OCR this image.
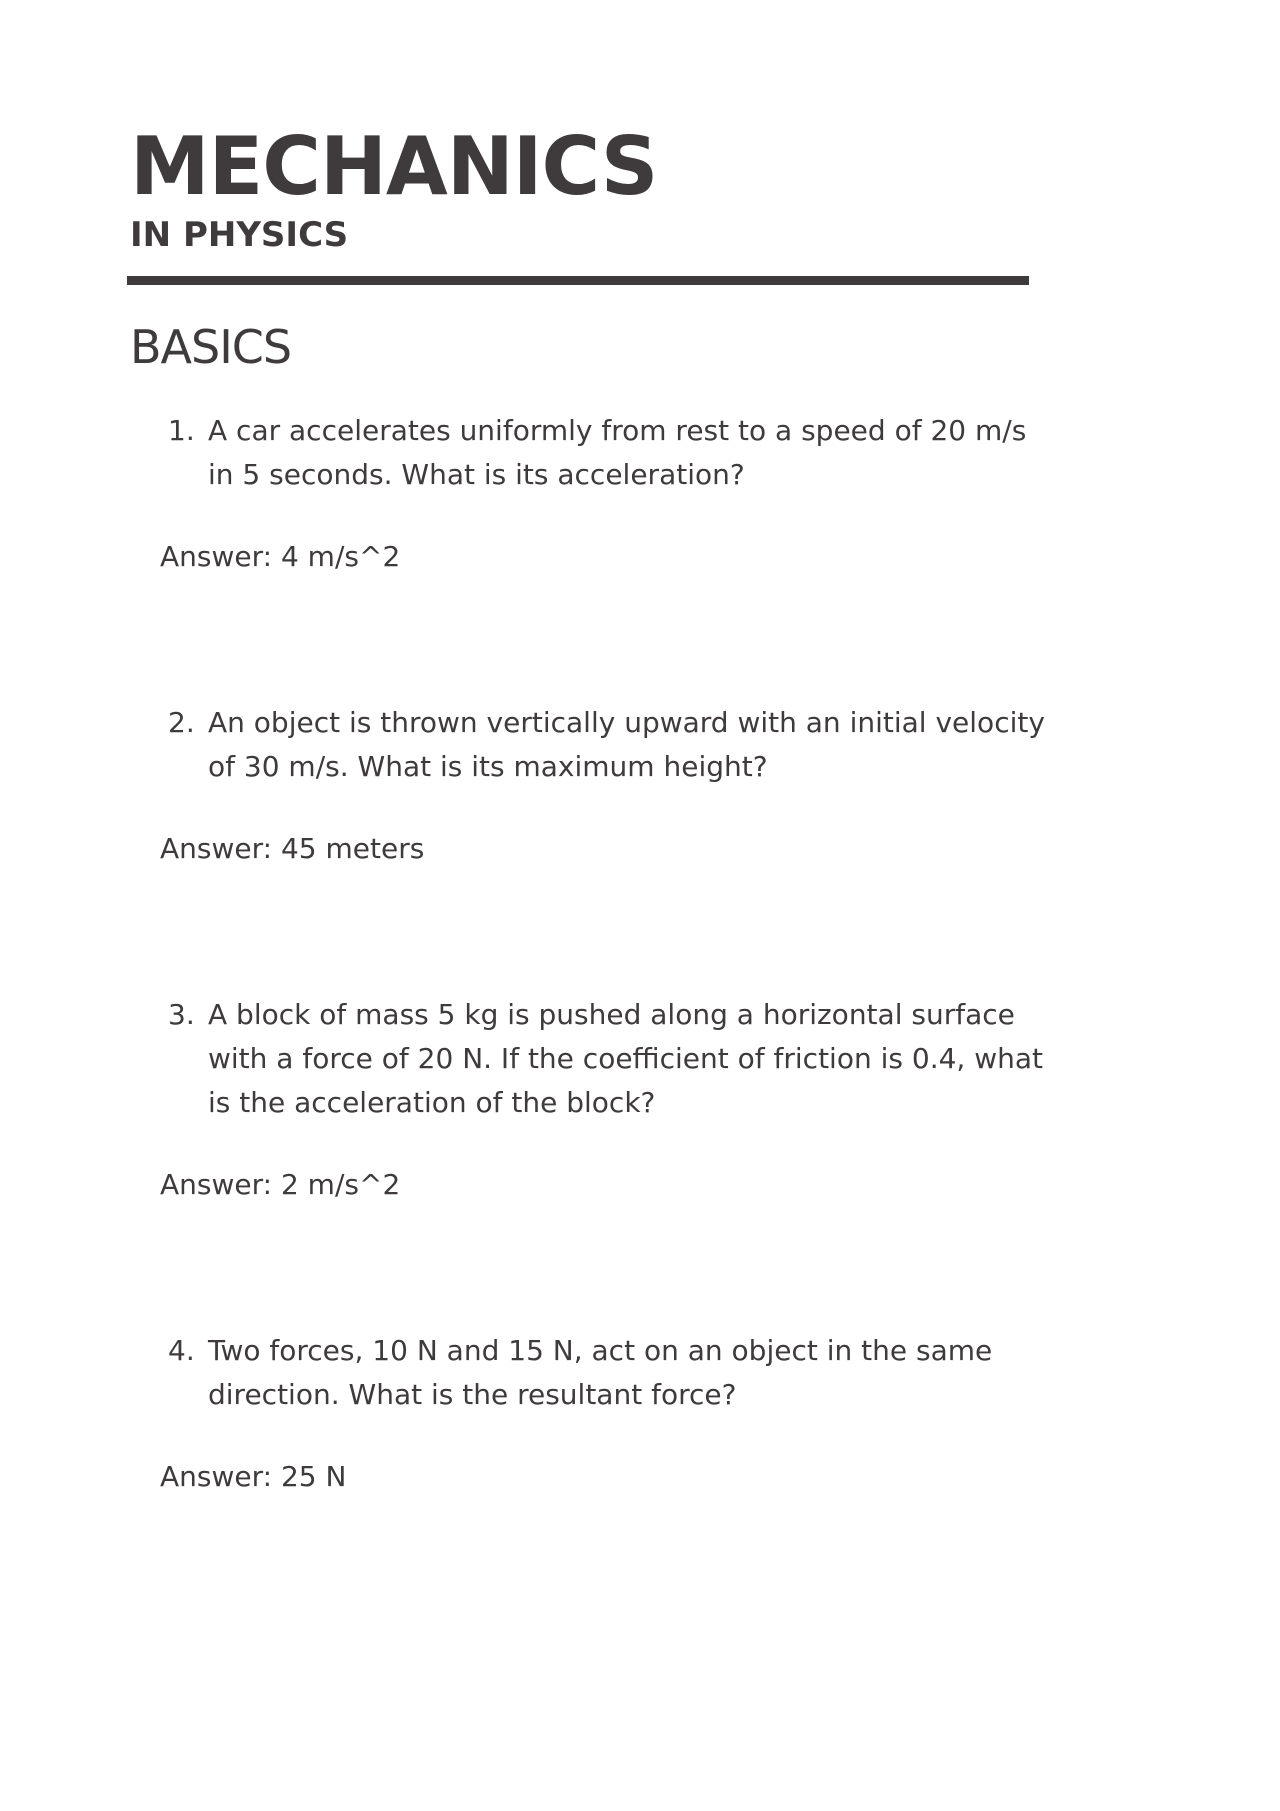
MECHANICS
IN PHYSICS
BASICS
1. A car accelerates uniformly from rest to a speed of 20 m/s in 5 seconds. What is its acceleration?
Answer: 4 m/s^2
2. An object is thrown vertically upward with an initial velocity of 30 m/s. What is its maximum height?
Answer: 45 meters
3. A block of mass 5 kg is pushed along a horizontal surface with a force of 20 N. If the coefficient of friction is 0.4, what is the acceleration of the block?
Answer: 2 m/s^2
4. Two forces, 10 N and 15 N, act on an object in the same direction. What is the resultant force?
Answer: 25 N
